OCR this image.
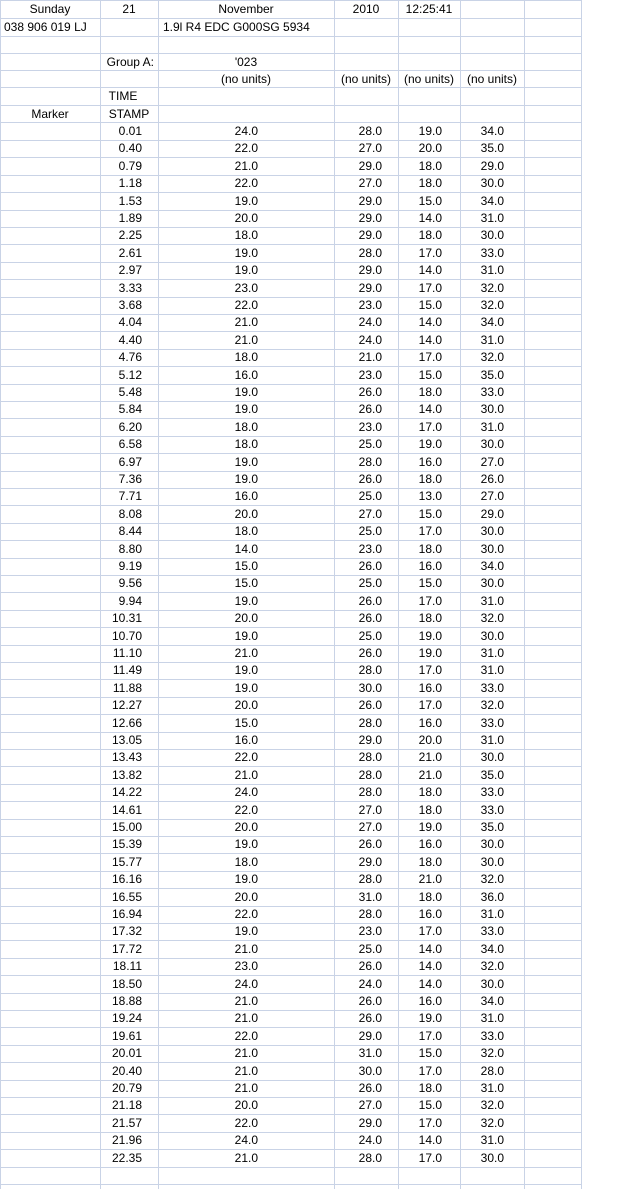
Sunday	21	November	2010	12:25:41
038 906 019 LJ	1.9l R4 EDC G000SG 5934
Group A:	'023
(no units)	(no units)	(no units)	(no units)
TIME
STAMP
Marker
0.01	24.0	28.0	19.0	34.0
0.40	22.0	27.0	20.0	35.0
0.79	21.0	29.0	18.0	29.0
1.18	22.0	27.0	18.0	30.0
1.53	19.0	29.0	15.0	34.0
1.89	20.0	29.0	14.0	31.0
2.25	18.0	29.0	18.0	30.0
2.61	19.0	28.0	17.0	33.0
2.97	19.0	29.0	14.0	31.0
3.33	23.0	29.0	17.0	32.0
3.68	22.0	23.0	15.0	32.0
4.04	21.0	24.0	14.0	34.0
4.40	21.0	24.0	14.0	31.0
4.76	18.0	21.0	17.0	32.0
5.12	16.0	23.0	15.0	35.0
5.48	19.0	26.0	18.0	33.0
5.84	19.0	26.0	14.0	30.0
6.20	18.0	23.0	17.0	31.0
6.58	18.0	25.0	19.0	30.0
6.97	19.0	28.0	16.0	27.0
7.36	19.0	26.0	18.0	26.0
7.71	16.0	25.0	13.0	27.0
8.08	20.0	27.0	15.0	29.0
8.44	18.0	25.0	17.0	30.0
8.80	14.0	23.0	18.0	30.0
9.19	15.0	26.0	16.0	34.0
9.56	15.0	25.0	15.0	30.0
9.94	19.0	26.0	17.0	31.0
10.31	20.0	26.0	18.0	32.0
10.70	19.0	25.0	19.0	30.0
11.10	21.0	26.0	19.0	31.0
11.49	19.0	28.0	17.0	31.0
11.88	19.0	30.0	16.0	33.0
12.27	20.0	26.0	17.0	32.0
12.66	15.0	28.0	16.0	33.0
13.05	16.0	29.0	20.0	31.0
13.43	22.0	28.0	21.0	30.0
13.82	21.0	28.0	21.0	35.0
14.22	24.0	28.0	18.0	33.0
14.61	22.0	27.0	18.0	33.0
15.00	20.0	27.0	19.0	35.0
15.39	19.0	26.0	16.0	30.0
15.77	18.0	29.0	18.0	30.0
16.16	19.0	28.0	21.0	32.0
16.55	20.0	31.0	18.0	36.0
16.94	22.0	28.0	16.0	31.0
17.32	19.0	23.0	17.0	33.0
17.72	21.0	25.0	14.0	34.0
18.11	23.0	26.0	14.0	32.0
18.50	24.0	24.0	14.0	30.0
18.88	21.0	26.0	16.0	34.0
19.24	21.0	26.0	19.0	31.0
19.61	22.0	29.0	17.0	33.0
20.01	21.0	31.0	15.0	32.0
20.40	21.0	30.0	17.0	28.0
20.79	21.0	26.0	18.0	31.0
21.18	20.0	27.0	15.0	32.0
21.57	22.0	29.0	17.0	32.0
21.96	24.0	24.0	14.0	31.0
22.35	21.0	28.0	17.0	30.0
